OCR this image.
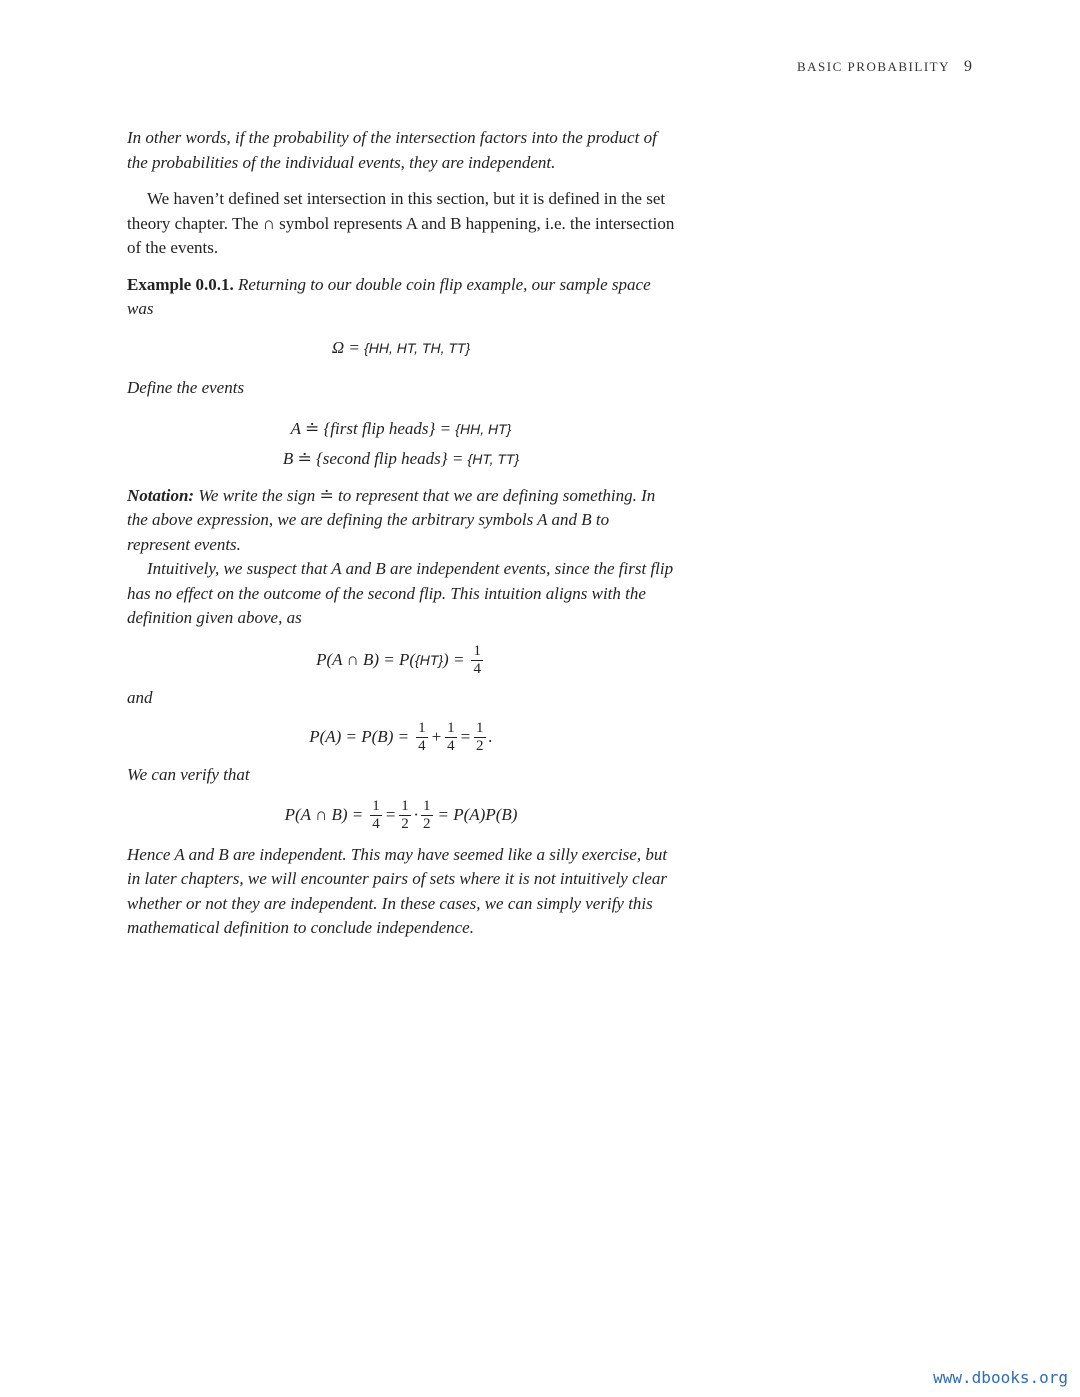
BASIC PROBABILITY 9

In other words, if the probability of the intersection factors into the product of the probabilities of the individual events, they are independent.

We haven’t defined set intersection in this section, but it is defined in the set theory chapter. The ∩ symbol represents A and B happening, i.e. the intersection of the events.

Example 0.0.1. Returning to our double coin flip example, our sample space was

Ω = {HH, HT, TH, TT}

Define the events

A ≐ {first flip heads} = {HH, HT}

B ≐ {second flip heads} = {HT, TT}

Notation: We write the sign ≐ to represent that we are defining something. In the above expression, we are defining the arbitrary symbols A and B to represent events.

Intuitively, we suspect that A and B are independent events, since the first flip has no effect on the outcome of the second flip. This intuition aligns with the definition given above, as

P(A ∩ B) = P( {HT} ) = $\frac{1}{4}$

and

$P(A) = P(B) = \frac{1}{4} + \frac{1}{4} = \frac{1}{2}$ .

We can verify that

P(A ∩ $B) = \frac{1}{4} = \frac{1}{2} \cdot \frac{1}{2} = P(A)P(B)$

Hence A and B are independent. This may have seemed like a silly exercise, but in later chapters, we will encounter pairs of sets where it is not intuitively clear whether or not they are independent. In these cases, we can simply verify this mathematical definition to conclude independence.

www.dbooks.org
